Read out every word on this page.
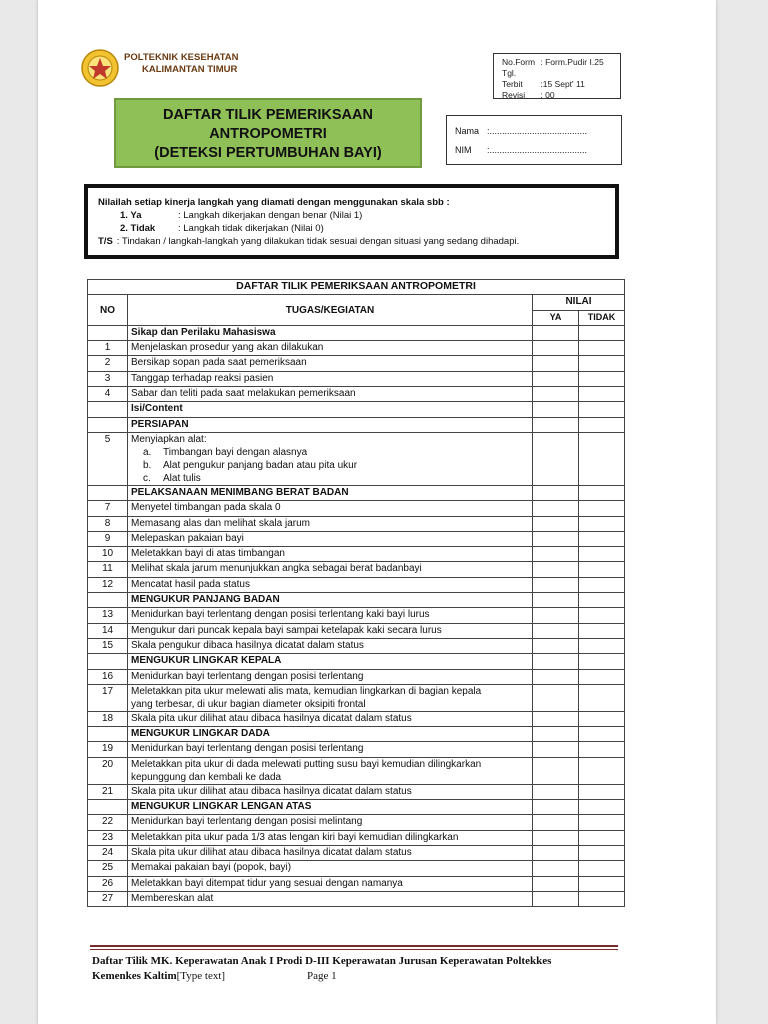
POLTEKNIK KESEHATAN
KALIMANTAN TIMUR
No.Form : Form.Pudir I.25
Tgl. Terbit :15 Sept' 11
Revisi : 00
DAFTAR TILIK PEMERIKSAAN
ANTROPOMETRI
(DETEKSI PERTUMBUHAN BAYI)
Nama :.......................................
NIM :.......................................
Nilailah setiap kinerja langkah yang diamati dengan menggunakan skala sbb :
1. Ya	: Langkah dikerjakan dengan benar (Nilai 1)
2. Tidak : Langkah tidak dikerjakan (Nilai 0)
T/S : Tindakan / langkah-langkah yang dilakukan tidak sesuai dengan situasi yang sedang dihadapi.
DAFTAR TILIK PEMERIKSAAN ANTROPOMETRI			
NO	TUGAS/KEGIATAN	NILAI	
		YA	TIDAK
	Sikap dan Perilaku Mahasiswa		
1	Menjelaskan prosedur yang akan dilakukan		
2	Bersikap sopan pada saat pemeriksaan		
3	Tanggap terhadap reaksi pasien		
4	Sabar dan teliti pada saat melakukan pemeriksaan		
	Isi/Content		
	PERSIAPAN		
5	Menyiapkan alat:
a. Timbangan bayi dengan alasnya
b. Alat pengukur panjang badan atau pita ukur
c. Alat tulis		

	PELAKSANAAN MENIMBANG BERAT BADAN		
7	Menyetel timbangan pada skala 0		
8	Memasang alas dan melihat skala jarum		
9	Melepaskan pakaian bayi		
10	Meletakkan bayi di atas timbangan		
11	Melihat skala jarum menunjukkan angka sebagai berat badanbayi		
12	Mencatat hasil pada status		
	MENGUKUR PANJANG BADAN		
13	Menidurkan bayi terlentang dengan posisi terlentang kaki bayi lurus		
14	Mengukur dari puncak kepala bayi sampai ketelapak kaki secara lurus		
15	Skala pengukur dibaca hasilnya dicatat dalam status		
	MENGUKUR LINGKAR KEPALA		
16	Menidurkan bayi terlentang dengan posisi terlentang		
17	Meletakkan pita ukur melewati alis mata, kemudian lingkarkan di bagian kepala
yang terbesar, di ukur bagian diameter oksipiti frontal		

18	Skala pita ukur dilihat atau dibaca hasilnya dicatat dalam status		
	MENGUKUR LINGKAR DADA		
19	Menidurkan bayi terlentang dengan posisi terlentang		
20	Meletakkan pita ukur di dada melewati putting susu bayi kemudian dilingkarkan
kepunggung dan kembali ke dada		

21	Skala pita ukur dilihat atau dibaca hasilnya dicatat dalam status		
	MENGUKUR LINGKAR LENGAN ATAS		
22	Menidurkan bayi terlentang dengan posisi melintang		
23	Meletakkan pita ukur pada 1/3 atas lengan kiri bayi kemudian dilingkarkan		
24	Skala pita ukur dilihat atau dibaca hasilnya dicatat dalam status		
25	Memakai pakaian bayi (popok, bayi)		
26	Meletakkan bayi ditempat tidur yang sesuai dengan namanya		
27	Membereskan alat		
Daftar Tilik MK. Keperawatan Anak I Prodi D-III Keperawatan Jurusan Keperawatan Poltekkes
Kemenkes Kaltim[Type text]	Page 1
